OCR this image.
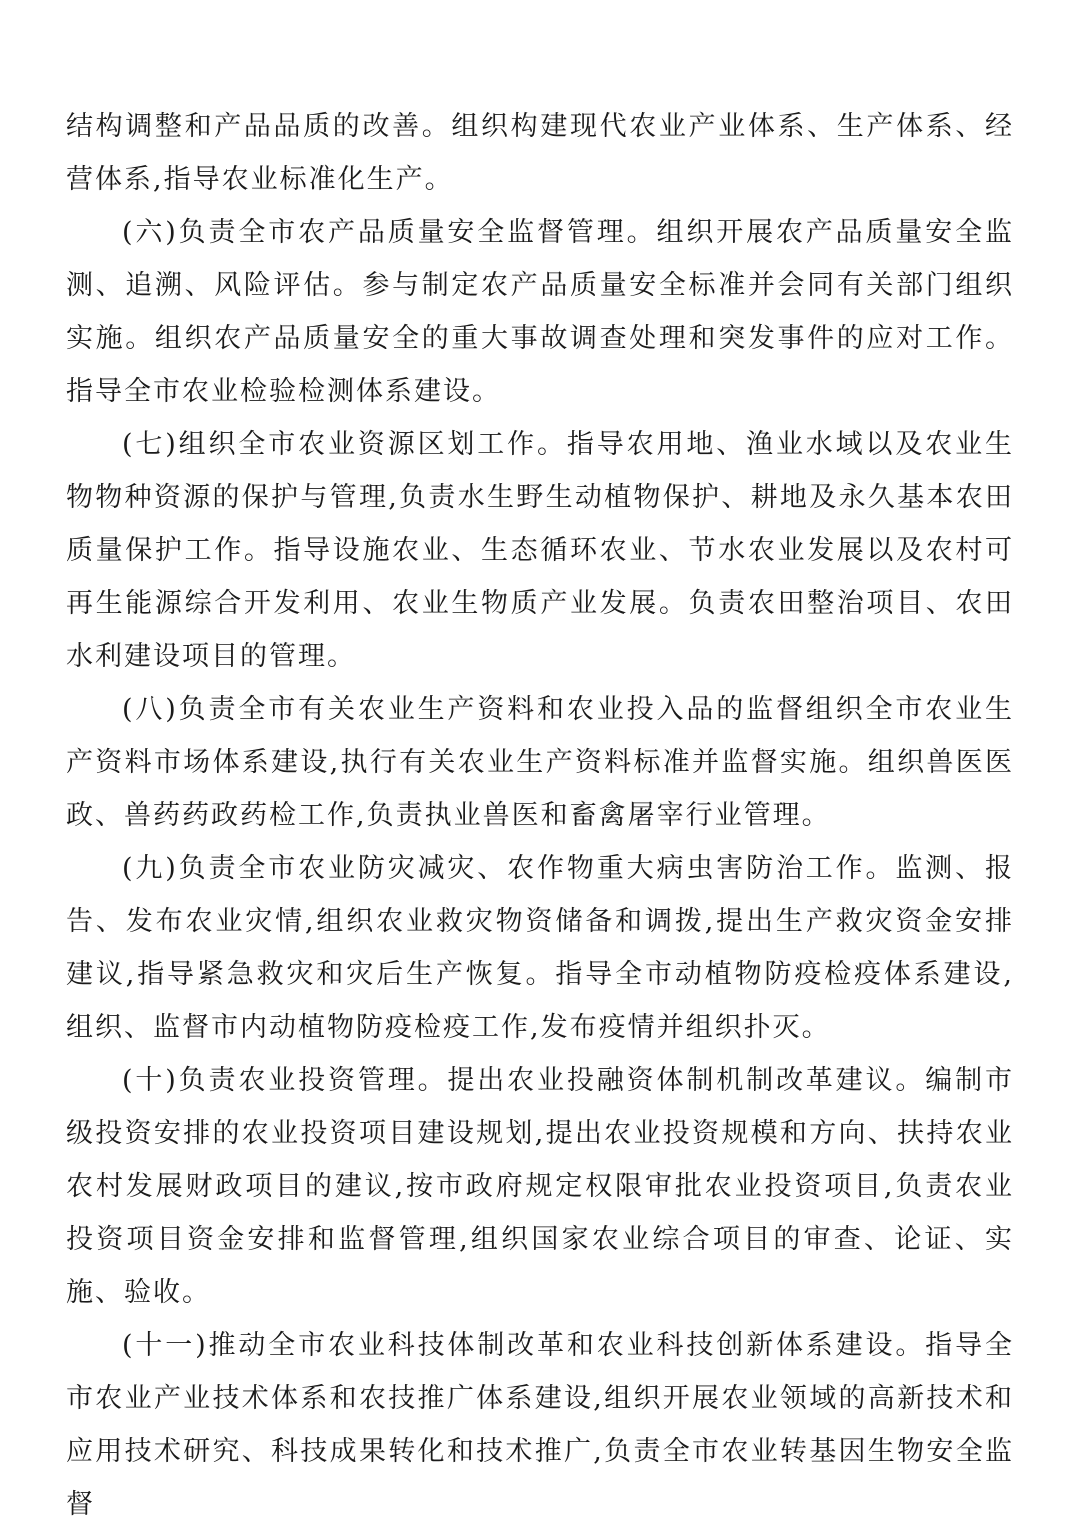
结构调整和产品品质的改善。组织构建现代农业产业体系、生产体系、经营体系,指导农业标准化生产。

(六)负责全市农产品质量安全监督管理。组织开展农产品质量安全监测、追溯、风险评估。参与制定农产品质量安全标准并会同有关部门组织实施。组织农产品质量安全的重大事故调查处理和突发事件的应对工作。指导全市农业检验检测体系建设。

(七)组织全市农业资源区划工作。指导农用地、渔业水域以及农业生物物种资源的保护与管理,负责水生野生动植物保护、耕地及永久基本农田质量保护工作。指导设施农业、生态循环农业、节水农业发展以及农村可再生能源综合开发利用、农业生物质产业发展。负责农田整治项目、农田水利建设项目的管理。

(八)负责全市有关农业生产资料和农业投入品的监督组织全市农业生产资料市场体系建设,执行有关农业生产资料标准并监督实施。组织兽医医政、兽药药政药检工作,负责执业兽医和畜禽屠宰行业管理。

(九)负责全市农业防灾减灾、农作物重大病虫害防治工作。监测、报告、发布农业灾情,组织农业救灾物资储备和调拨,提出生产救灾资金安排建议,指导紧急救灾和灾后生产恢复。指导全市动植物防疫检疫体系建设,组织、监督市内动植物防疫检疫工作,发布疫情并组织扑灭。

(十)负责农业投资管理。提出农业投融资体制机制改革建议。编制市级投资安排的农业投资项目建设规划,提出农业投资规模和方向、扶持农业农村发展财政项目的建议,按市政府规定权限审批农业投资项目,负责农业投资项目资金安排和监督管理,组织国家农业综合项目的审查、论证、实施、验收。

(十一)推动全市农业科技体制改革和农业科技创新体系建设。指导全市农业产业技术体系和农技推广体系建设,组织开展农业领域的高新技术和应用技术研究、科技成果转化和技术推广,负责全市农业转基因生物安全监督
